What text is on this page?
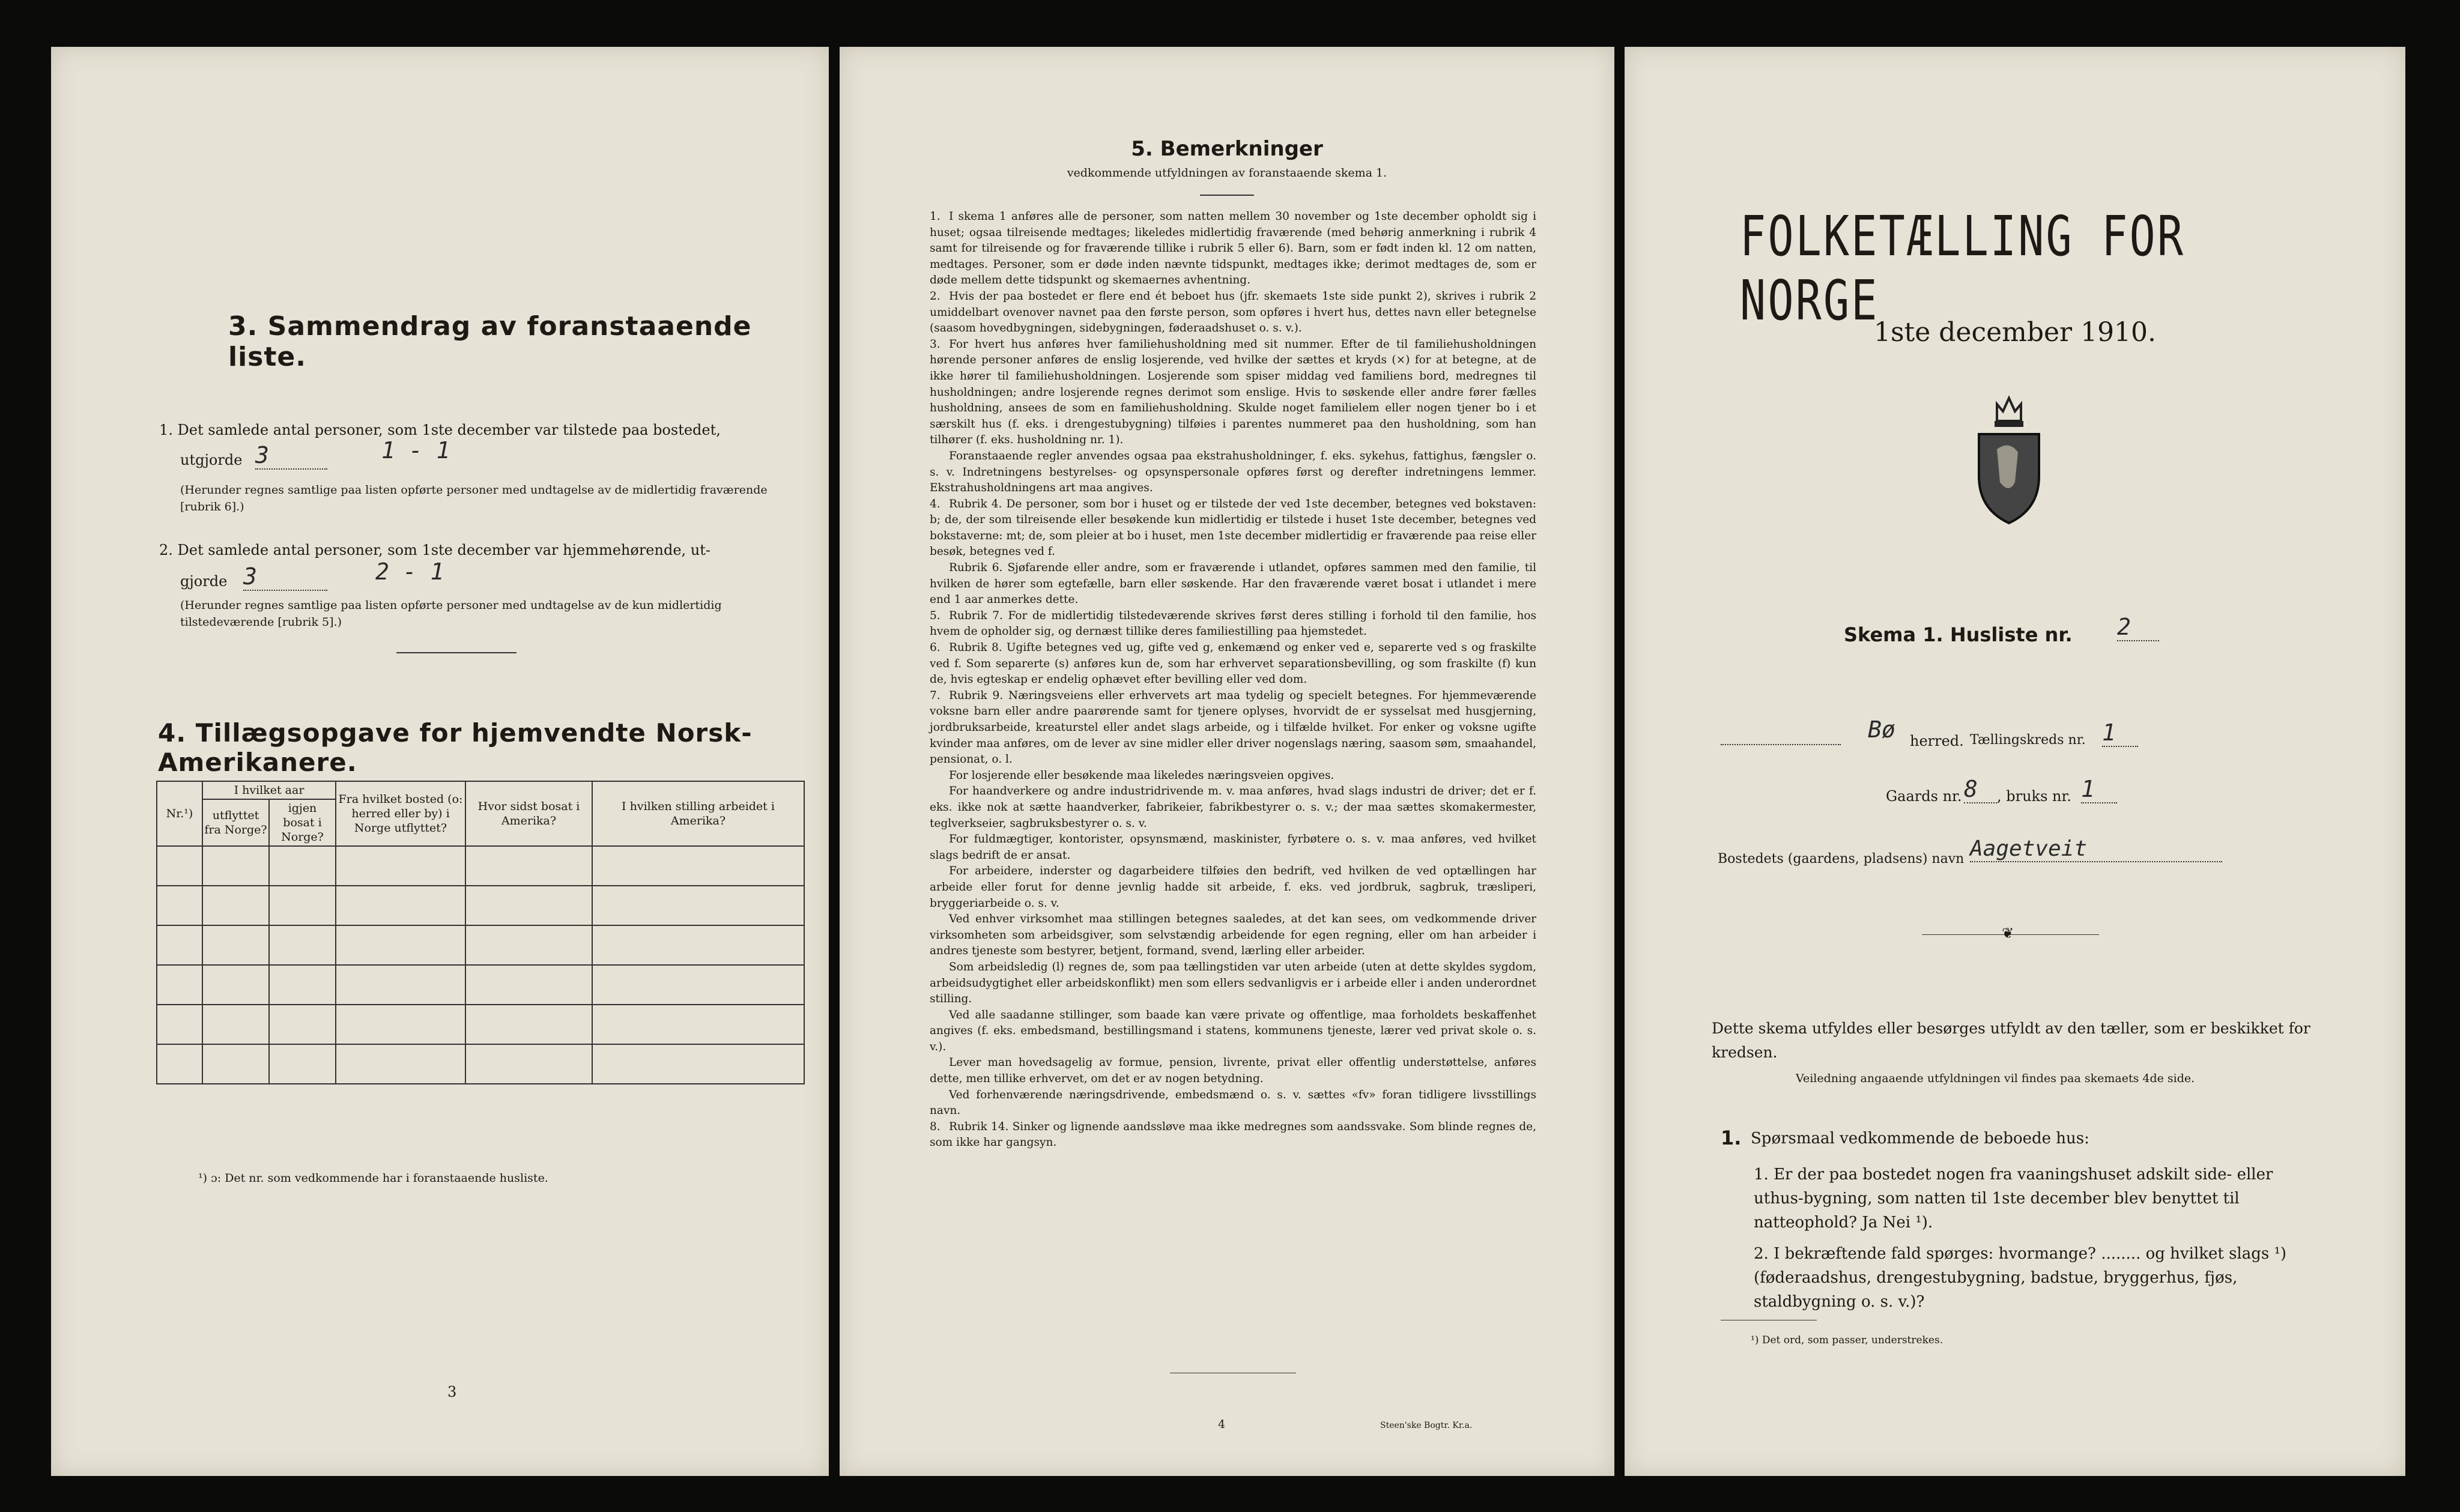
3. Sammendrag av foranstaaende liste.
1. Det samlede antal personer, som 1ste december var tilstede paa bostedet,
utgjorde 3	1 - 1
(Herunder regnes samtlige paa listen opførte personer med undtagelse av de midlertidig fraværende [rubrik 6].)
2. Det samlede antal personer, som 1ste december var hjemmehørende, ut-
gjorde 3	2 - 1
(Herunder regnes samtlige paa listen opførte personer med undtagelse av de kun midlertidig tilstedeværende [rubrik 5].)
4. Tillægsopgave for hjemvendte Norsk-Amerikanere.
Nr.¹)	I hvilket aar		Fra hvilket bosted (o: herred eller by) i Norge utflyttet?	Hvor sidst bosat i Amerika?	I hvilken stilling arbeidet i Amerika?
	utflyttet fra Norge?	igjen bosat i Norge?			

¹) ɔ: Det nr. som vedkommende har i foranstaaende husliste.
3
5. Bemerkninger
vedkommende utfyldningen av foranstaaende skema 1.

1. I skema 1 anføres alle de personer, som natten mellem 30 november og 1ste december opholdt sig i huset; ogsaa tilreisende medtages; likeledes midlertidig fraværende (med behørig anmerkning i rubrik 4 samt for tilreisende og for fraværende tillike i rubrik 5 eller 6). Barn, som er født inden kl. 12 om natten, medtages. Personer, som er døde inden nævnte tidspunkt, medtages ikke; derimot medtages de, som er døde mellem dette tidspunkt og skemaernes avhentning.

2. Hvis der paa bostedet er flere end ét beboet hus (jfr. skemaets 1ste side punkt 2), skrives i rubrik 2 umiddelbart ovenover navnet paa den første person, som opføres i hvert hus, dettes navn eller betegnelse (saasom hovedbygningen, sidebygningen, føderaadshuset o. s. v.).

3. For hvert hus anføres hver familiehusholdning med sit nummer. Efter de til familiehusholdningen hørende personer anføres de enslig losjerende, ved hvilke der sættes et kryds (×) for at betegne, at de ikke hører til familiehusholdningen. Losjerende som spiser middag ved familiens bord, medregnes til husholdningen; andre losjerende regnes derimot som enslige. Hvis to søskende eller andre fører fælles husholdning, ansees de som en familiehusholdning. Skulde noget familielem eller nogen tjener bo i et særskilt hus (f. eks. i drengestubygning) tilføies i parentes nummeret paa den husholdning, som han tilhører (f. eks. husholdning nr. 1).

Foranstaaende regler anvendes ogsaa paa ekstrahusholdninger, f. eks. sykehus, fattighus, fængsler o. s. v. Indretningens bestyrelses- og opsynspersonale opføres først og derefter indretningens lemmer. Ekstrahusholdningens art maa angives.

4. Rubrik 4. De personer, som bor i huset og er tilstede der ved 1ste december, betegnes ved bokstaven: b; de, der som tilreisende eller besøkende kun midlertidig er tilstede i huset 1ste december, betegnes ved bokstaverne: mt; de, som pleier at bo i huset, men 1ste december midlertidig er fraværende paa reise eller besøk, betegnes ved f.

Rubrik 6. Sjøfarende eller andre, som er fraværende i utlandet, opføres sammen med den familie, til hvilken de hører som egtefælle, barn eller søskende. Har den fraværende været bosat i utlandet i mere end 1 aar anmerkes dette.

5. Rubrik 7. For de midlertidig tilstedeværende skrives først deres stilling i forhold til den familie, hos hvem de opholder sig, og dernæst tillike deres familiestilling paa hjemstedet.

6. Rubrik 8. Ugifte betegnes ved ug, gifte ved g, enkemænd og enker ved e, separerte ved s og fraskilte ved f. Som separerte (s) anføres kun de, som har erhvervet separationsbevilling, og som fraskilte (f) kun de, hvis egteskap er endelig ophævet efter bevilling eller ved dom.

7. Rubrik 9. Næringsveiens eller erhvervets art maa tydelig og specielt betegnes. For hjemmeværende voksne barn eller andre paarørende samt for tjenere oplyses, hvorvidt de er sysselsat med husgjerning, jordbruksarbeide, kreaturstel eller andet slags arbeide, og i tilfælde hvilket. For enker og voksne ugifte kvinder maa anføres, om de lever av sine midler eller driver nogenslags næring, saasom søm, smaahandel, pensionat, o. l.

For losjerende eller besøkende maa likeledes næringsveien opgives.

For haandverkere og andre industridrivende m. v. maa anføres, hvad slags industri de driver; det er f. eks. ikke nok at sætte haandverker, fabrikeier, fabrikbestyrer o. s. v.; der maa sættes skomakermester, teglverkseier, sagbruksbestyrer o. s. v.

For fuldmægtiger, kontorister, opsynsmænd, maskinister, fyrbøtere o. s. v. maa anføres, ved hvilket slags bedrift de er ansat.

For arbeidere, inderster og dagarbeidere tilføies den bedrift, ved hvilken de ved optællingen har arbeide eller forut for denne jevnlig hadde sit arbeide, f. eks. ved jordbruk, sagbruk, træsliperi, bryggeriarbeide o. s. v.

Ved enhver virksomhet maa stillingen betegnes saaledes, at det kan sees, om vedkommende driver virksomheten som arbeidsgiver, som selvstændig arbeidende for egen regning, eller om han arbeider i andres tjeneste som bestyrer, betjent, formand, svend, lærling eller arbeider.

Som arbeidsledig (l) regnes de, som paa tællingstiden var uten arbeide (uten at dette skyldes sygdom, arbeidsudygtighet eller arbeidskonflikt) men som ellers sedvanligvis er i arbeide eller i anden underordnet stilling.

Ved alle saadanne stillinger, som baade kan være private og offentlige, maa forholdets beskaffenhet angives (f. eks. embedsmand, bestillingsmand i statens, kommunens tjeneste, lærer ved privat skole o. s. v.).

Lever man hovedsagelig av formue, pension, livrente, privat eller offentlig understøttelse, anføres dette, men tillike erhvervet, om det er av nogen betydning.

Ved forhenværende næringsdrivende, embedsmænd o. s. v. sættes «fv» foran tidligere livsstillings navn.

8. Rubrik 14. Sinker og lignende aandssløve maa ikke medregnes som aandssvake. Som blinde regnes de, som ikke har gangsyn.

4	Steen'ske Bogtr. Kr.a.
FOLKETÆLLING FOR NORGE
1ste december 1910.
Skema 1. Husliste nr. 2
Bø herred. Tællingskreds nr. 1
Gaards nr. 8	, bruks nr. 1
Bostedets (gaardens, pladsens) navn Aagetveit
❦
Dette skema utfyldes eller besørges utfyldt av den tæller, som er beskikket for kredsen.
Veiledning angaaende utfyldningen vil findes paa skemaets 4de side.
1. Spørsmaal vedkommende de beboede hus:
1. Er der paa bostedet nogen fra vaaningshuset adskilt side- eller uthus-bygning, som natten til 1ste december blev benyttet til natteophold? Ja Nei ¹).
2. I bekræftende fald spørges: hvormange? ........ og hvilket slags ¹) (føderaadshus, drengestubygning, badstue, bryggerhus, fjøs, staldbygning o. s. v.)?
¹) Det ord, som passer, understrekes.
